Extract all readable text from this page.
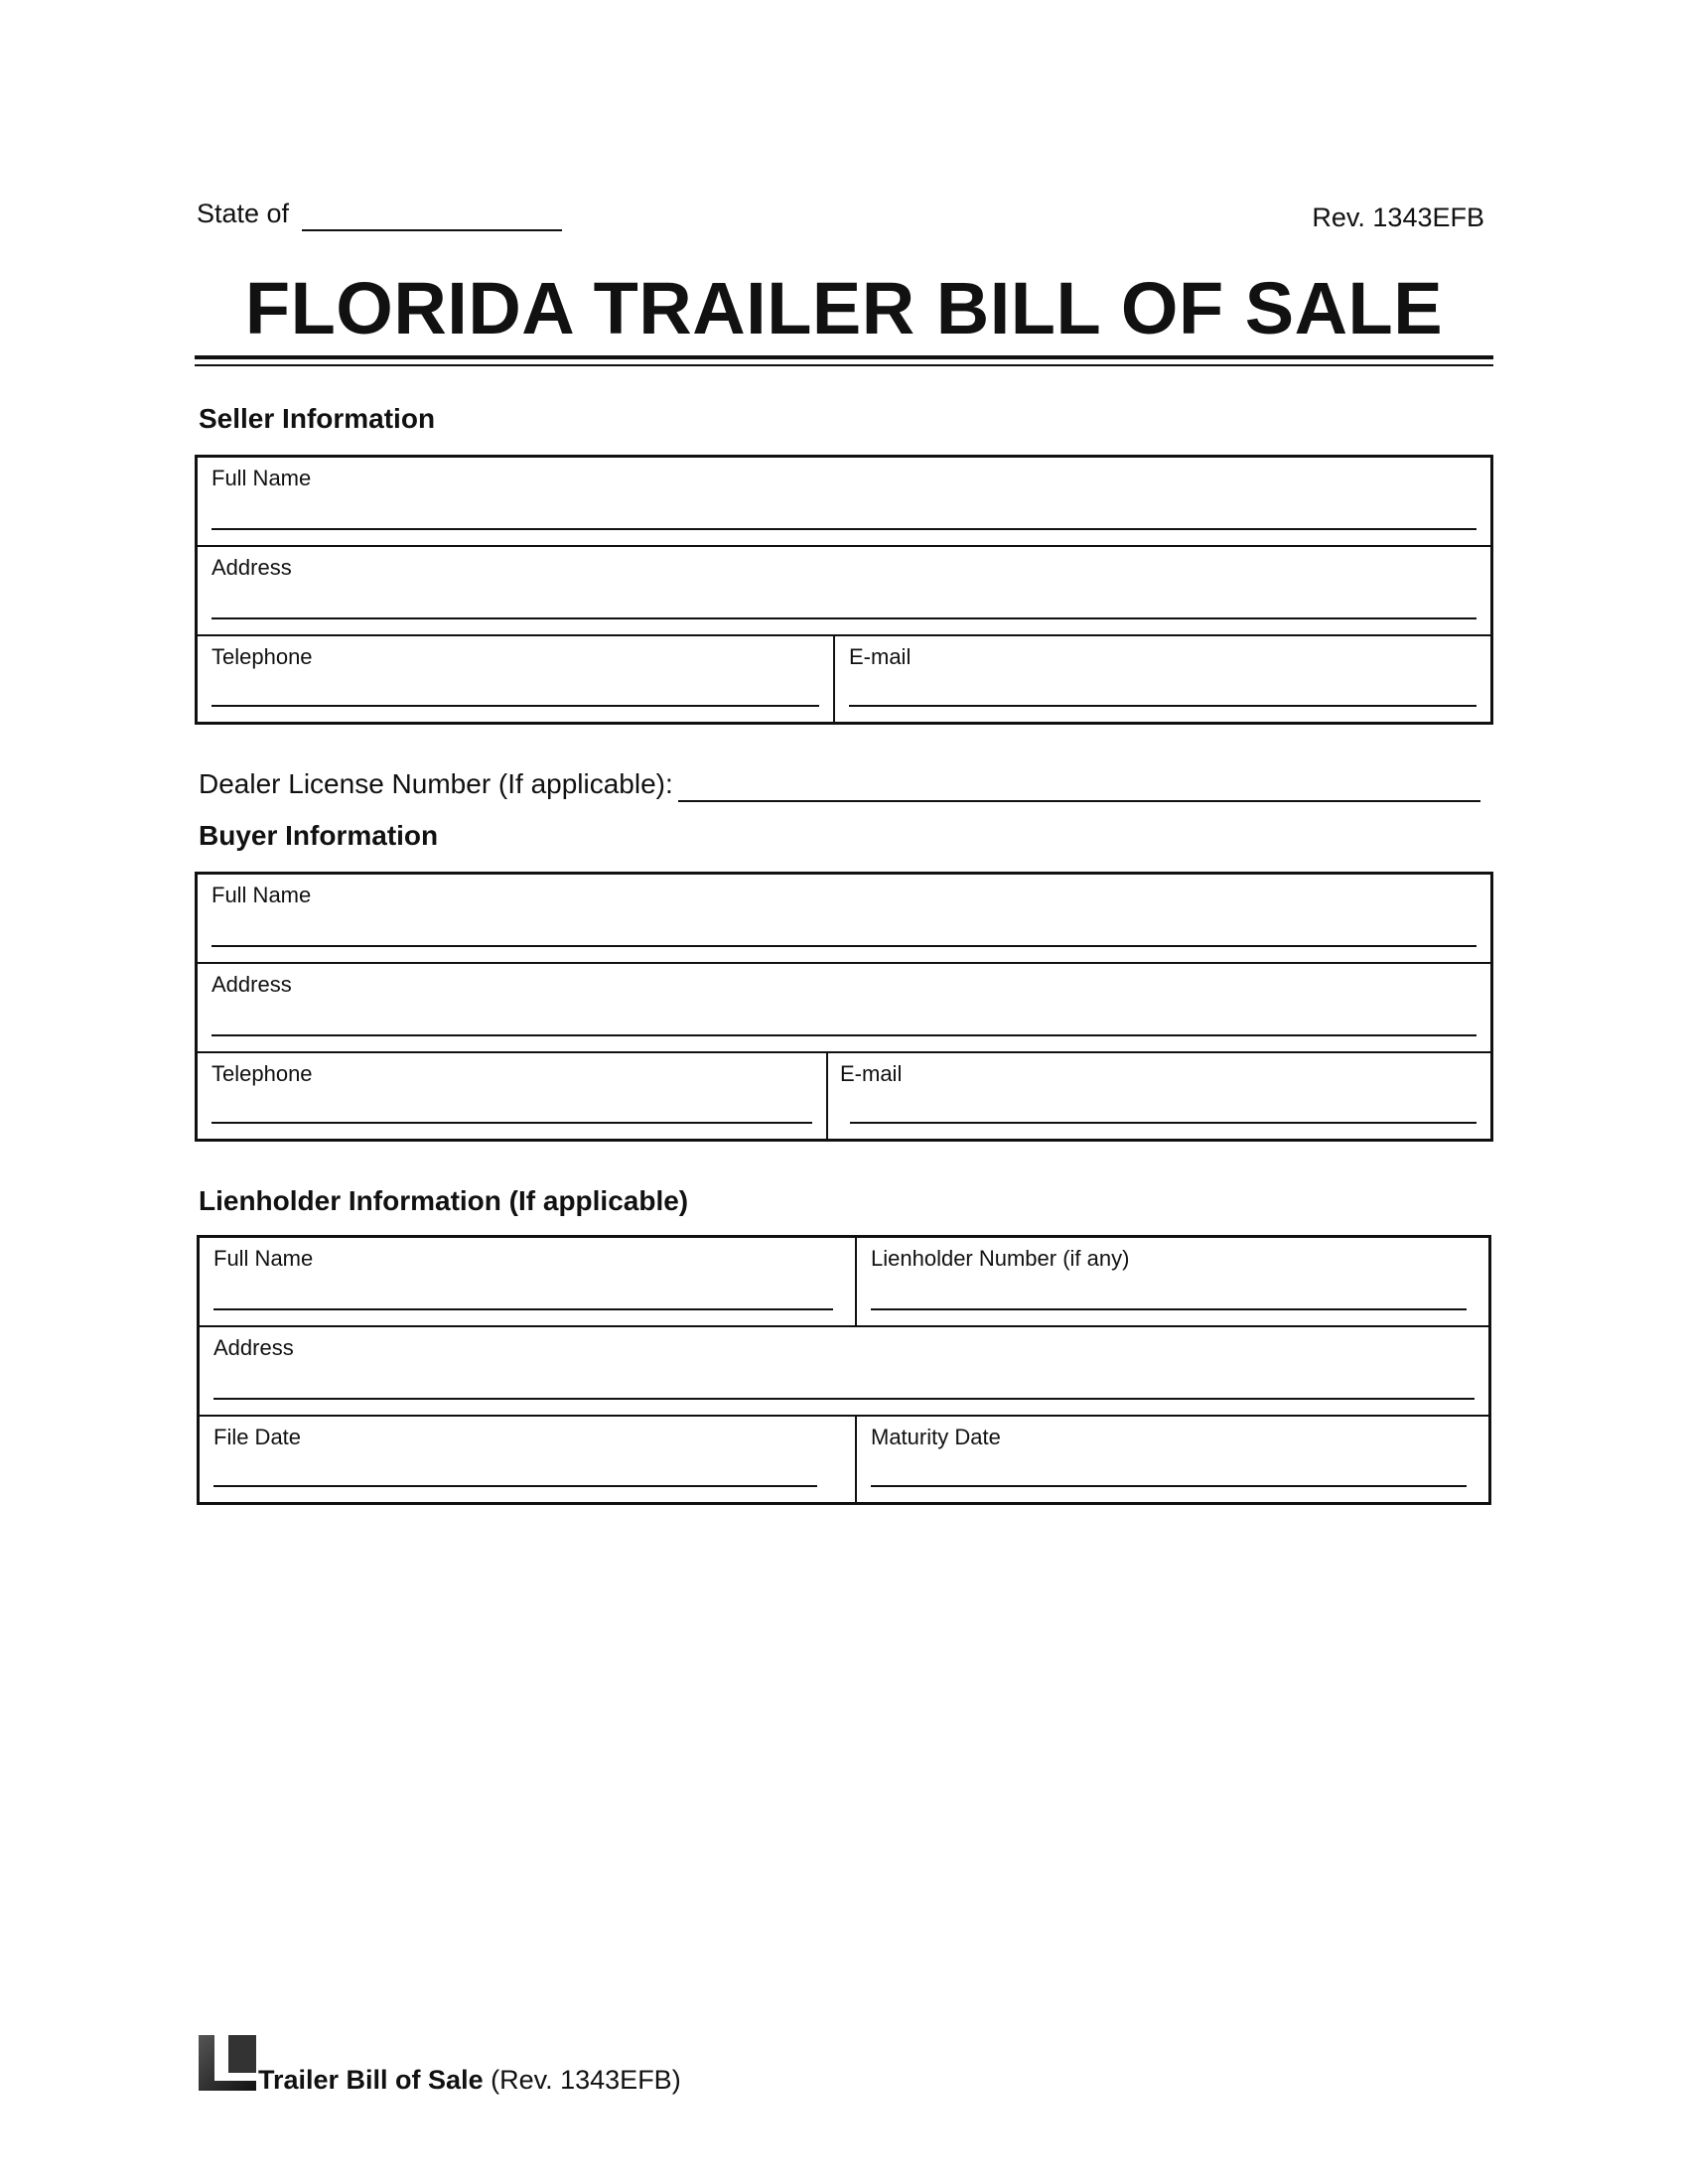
State of	Rev. 1343EFB
FLORIDA TRAILER BILL OF SALE
Seller Information
Full Name
Address
Telephone	E-mail
Dealer License Number (If applicable):
Buyer Information
Full Name
Address
Telephone	E-mail
Lienholder Information (If applicable)
Full Name	Lienholder Number (if any)
Address
File Date	Maturity Date
Trailer Bill of Sale (Rev. 1343EFB)
